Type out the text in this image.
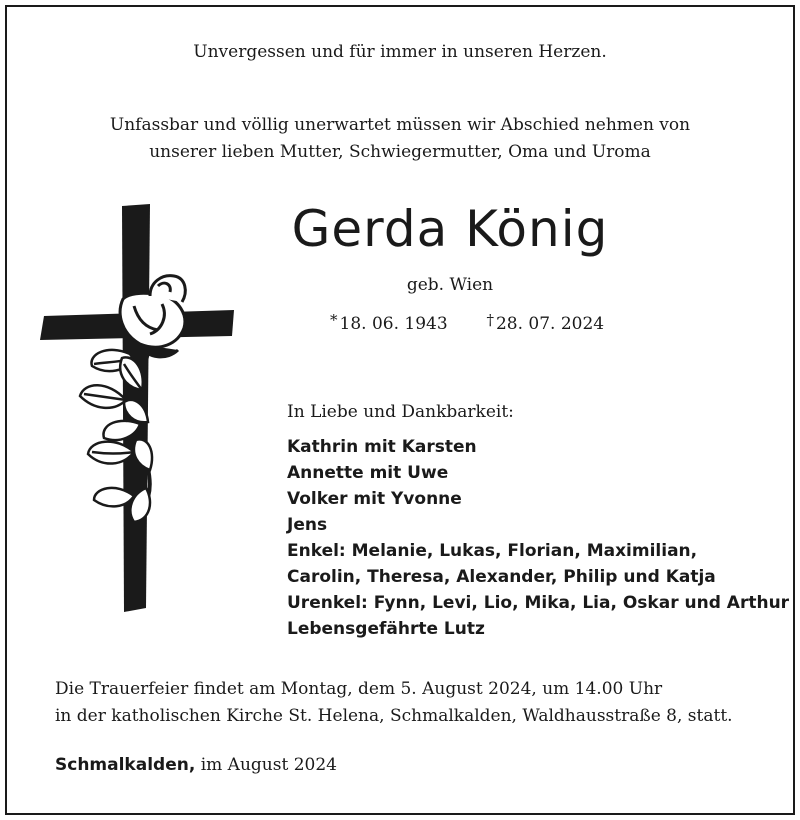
Unvergessen und für immer in unseren Herzen.
Unfassbar und völlig unerwartet müssen wir Abschied nehmen von
unserer lieben Mutter, Schwiegermutter, Oma und Uroma
Gerda König
geb. Wien
* 18. 06. 1943	† 28. 07. 2024
In Liebe und Dankbarkeit:
Kathrin mit Karsten
Annette mit Uwe
Volker mit Yvonne
Jens
Enkel: Melanie, Lukas, Florian, Maximilian,
Carolin, Theresa, Alexander, Philip und Katja
Urenkel: Fynn, Levi, Lio, Mika, Lia, Oskar und Arthur
Lebensgefährte Lutz
Die Trauerfeier findet am Montag, dem 5. August 2024, um 14.00 Uhr
in der katholischen Kirche St. Helena, Schmalkalden, Waldhausstraße 8, statt.
Schmalkalden, im August 2024
